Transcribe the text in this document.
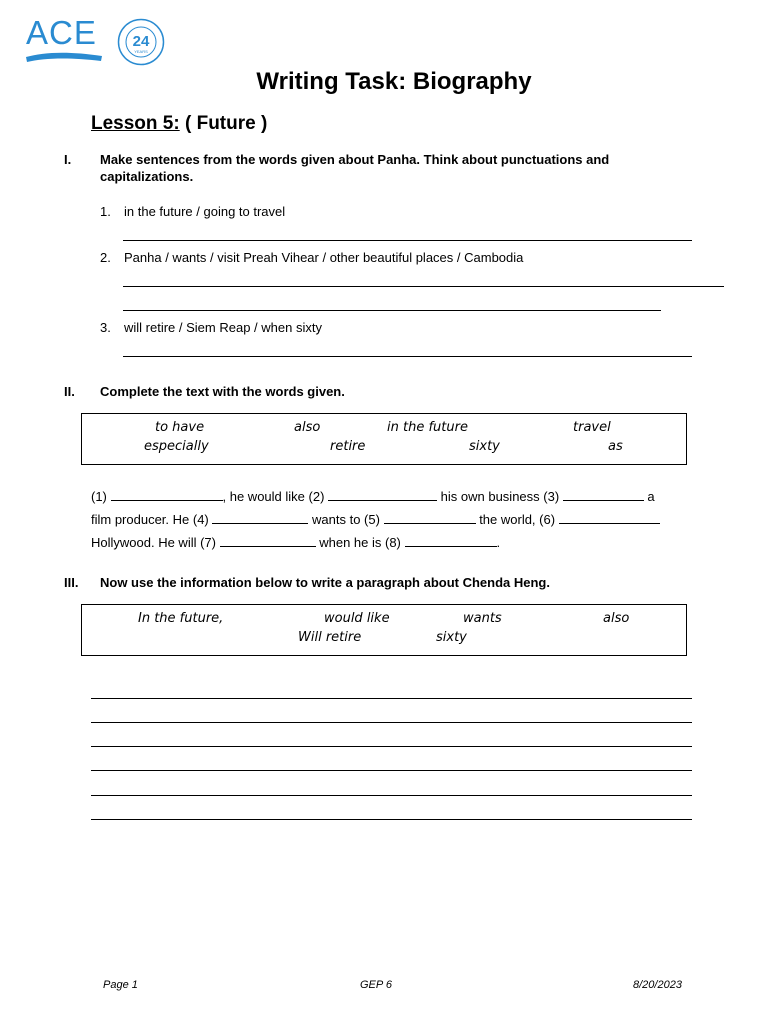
ACE 24
YEARS
Writing Task: Biography
Lesson 5: ( Future )
I. Make sentences from the words given about Panha. Think about punctuations and capitalizations.
1. in the future / going to travel
2. Panha / wants / visit Preah Vihear / other beautiful places / Cambodia
3. will retire / Siem Reap / when sixty
II. Complete the text with the words given.
to have	also	in the future	travel
especially	retire	sixty	as
(1)	, he would like (2)	his own business (3)	a
film producer. He (4)	wants to (5)	the world, (6)
Hollywood. He will (7)	when he is (8)	.
III. Now use the information below to write a paragraph about Chenda Heng.
In the future,	would like	wants	also
Will retire	sixty
Page 1	GEP 6	8/20/2023
